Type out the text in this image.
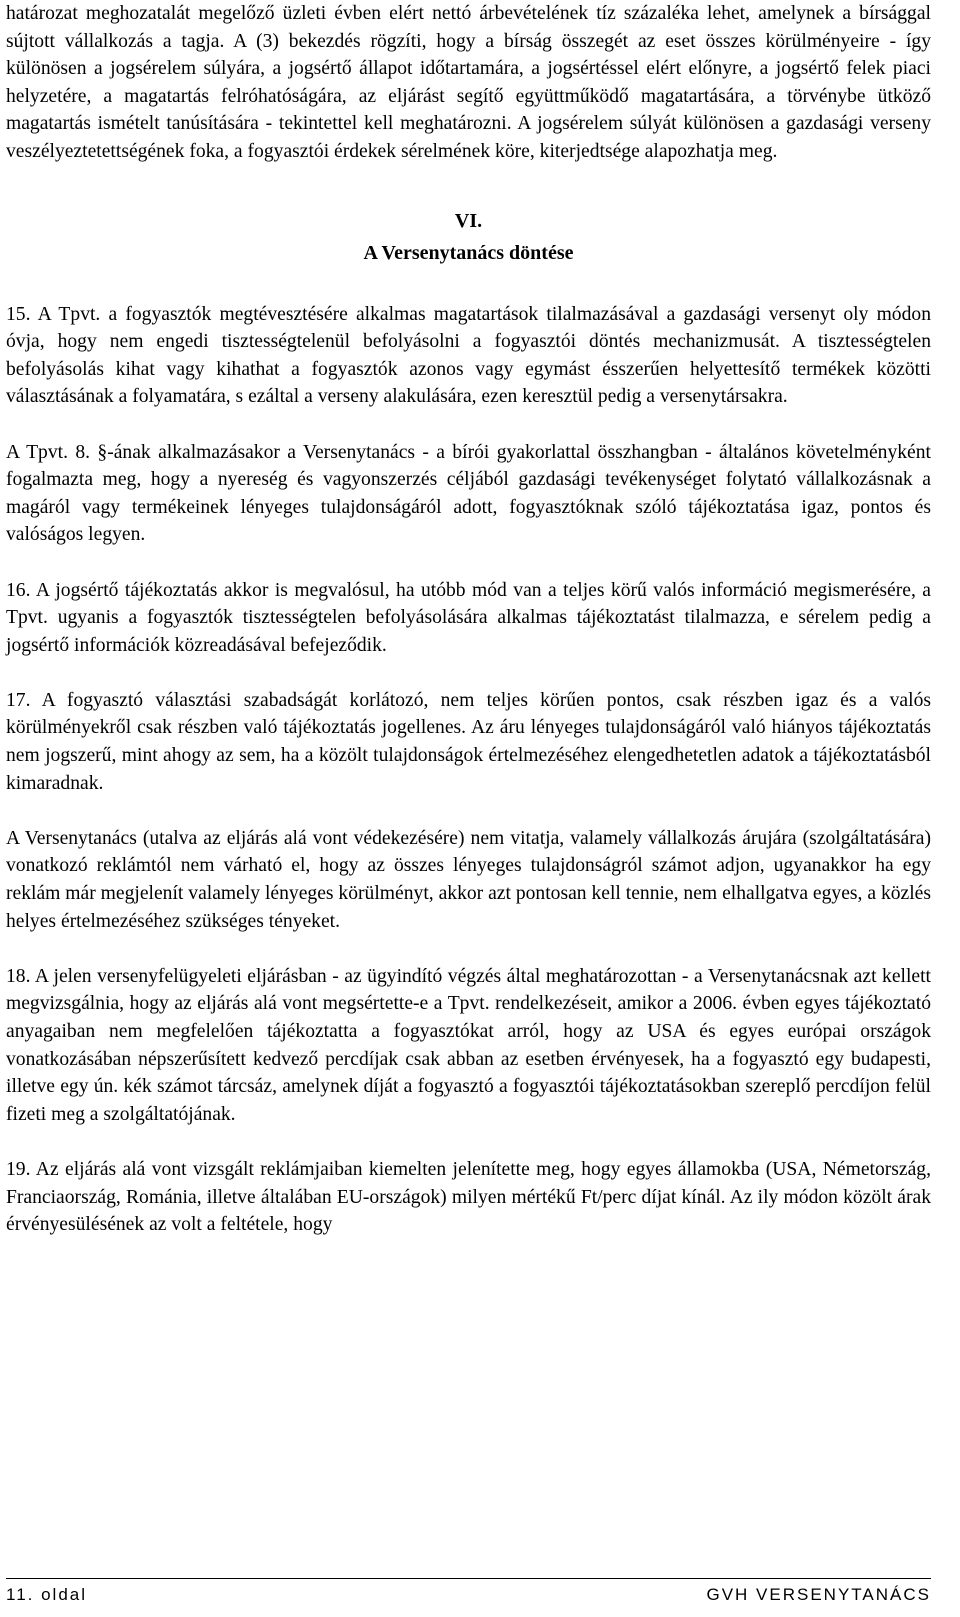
határozat meghozatalát megelőző üzleti évben elért nettó árbevételének tíz százaléka lehet, amelynek a bírsággal sújtott vállalkozás a tagja. A (3) bekezdés rögzíti, hogy a bírság összegét az eset összes körülményeire - így különösen a jogsérelem súlyára, a jogsértő állapot időtartamára, a jogsértéssel elért előnyre, a jogsértő felek piaci helyzetére, a magatartás felróhatóságára, az eljárást segítő együttműködő magatartására, a törvénybe ütköző magatartás ismételt tanúsítására - tekintettel kell meghatározni. A jogsérelem súlyát különösen a gazdasági verseny veszélyeztetettségének foka, a fogyasztói érdekek sérelmének köre, kiterjedtsége alapozhatja meg.

VI.

A Versenytanács döntése

15. A Tpvt. a fogyasztók megtévesztésére alkalmas magatartások tilalmazásával a gazdasági versenyt oly módon óvja, hogy nem engedi tisztességtelenül befolyásolni a fogyasztói döntés mechanizmusát. A tisztességtelen befolyásolás kihat vagy kihathat a fogyasztók azonos vagy egymást ésszerűen helyettesítő termékek közötti választásának a folyamatára, s ezáltal a verseny alakulására, ezen keresztül pedig a versenytársakra.

A Tpvt. 8. §-ának alkalmazásakor a Versenytanács - a bírói gyakorlattal összhangban - általános követelményként fogalmazta meg, hogy a nyereség és vagyonszerzés céljából gazdasági tevékenységet folytató vállalkozásnak a magáról vagy termékeinek lényeges tulajdonságáról adott, fogyasztóknak szóló tájékoztatása igaz, pontos és valóságos legyen.

16. A jogsértő tájékoztatás akkor is megvalósul, ha utóbb mód van a teljes körű valós információ megismerésére, a Tpvt. ugyanis a fogyasztók tisztességtelen befolyásolására alkalmas tájékoztatást tilalmazza, e sérelem pedig a jogsértő információk közreadásával befejeződik.

17. A fogyasztó választási szabadságát korlátozó, nem teljes körűen pontos, csak részben igaz és a valós körülményekről csak részben való tájékoztatás jogellenes. Az áru lényeges tulajdonságáról való hiányos tájékoztatás nem jogszerű, mint ahogy az sem, ha a közölt tulajdonságok értelmezéséhez elengedhetetlen adatok a tájékoztatásból kimaradnak.

A Versenytanács (utalva az eljárás alá vont védekezésére) nem vitatja, valamely vállalkozás árujára (szolgáltatására) vonatkozó reklámtól nem várható el, hogy az összes lényeges tulajdonságról számot adjon, ugyanakkor ha egy reklám már megjelenít valamely lényeges körülményt, akkor azt pontosan kell tennie, nem elhallgatva egyes, a közlés helyes értelmezéséhez szükséges tényeket.

18. A jelen versenyfelügyeleti eljárásban - az ügyindító végzés által meghatározottan - a Versenytanácsnak azt kellett megvizsgálnia, hogy az eljárás alá vont megsértette-e a Tpvt. rendelkezéseit, amikor a 2006. évben egyes tájékoztató anyagaiban nem megfelelően tájékoztatta a fogyasztókat arról, hogy az USA és egyes európai országok vonatkozásában népszerűsített kedvező percdíjak csak abban az esetben érvényesek, ha a fogyasztó egy budapesti, illetve egy ún. kék számot tárcsáz, amelynek díját a fogyasztó a fogyasztói tájékoztatásokban szereplő percdíjon felül fizeti meg a szolgáltatójának.

19. Az eljárás alá vont vizsgált reklámjaiban kiemelten jelenítette meg, hogy egyes államokba (USA, Németország, Franciaország, Románia, illetve általában EU-országok) milyen mértékű Ft/perc díjat kínál. Az ily módon közölt árak érvényesülésének az volt a feltétele, hogy

11. oldal	GVH VERSENYTANÁCS
